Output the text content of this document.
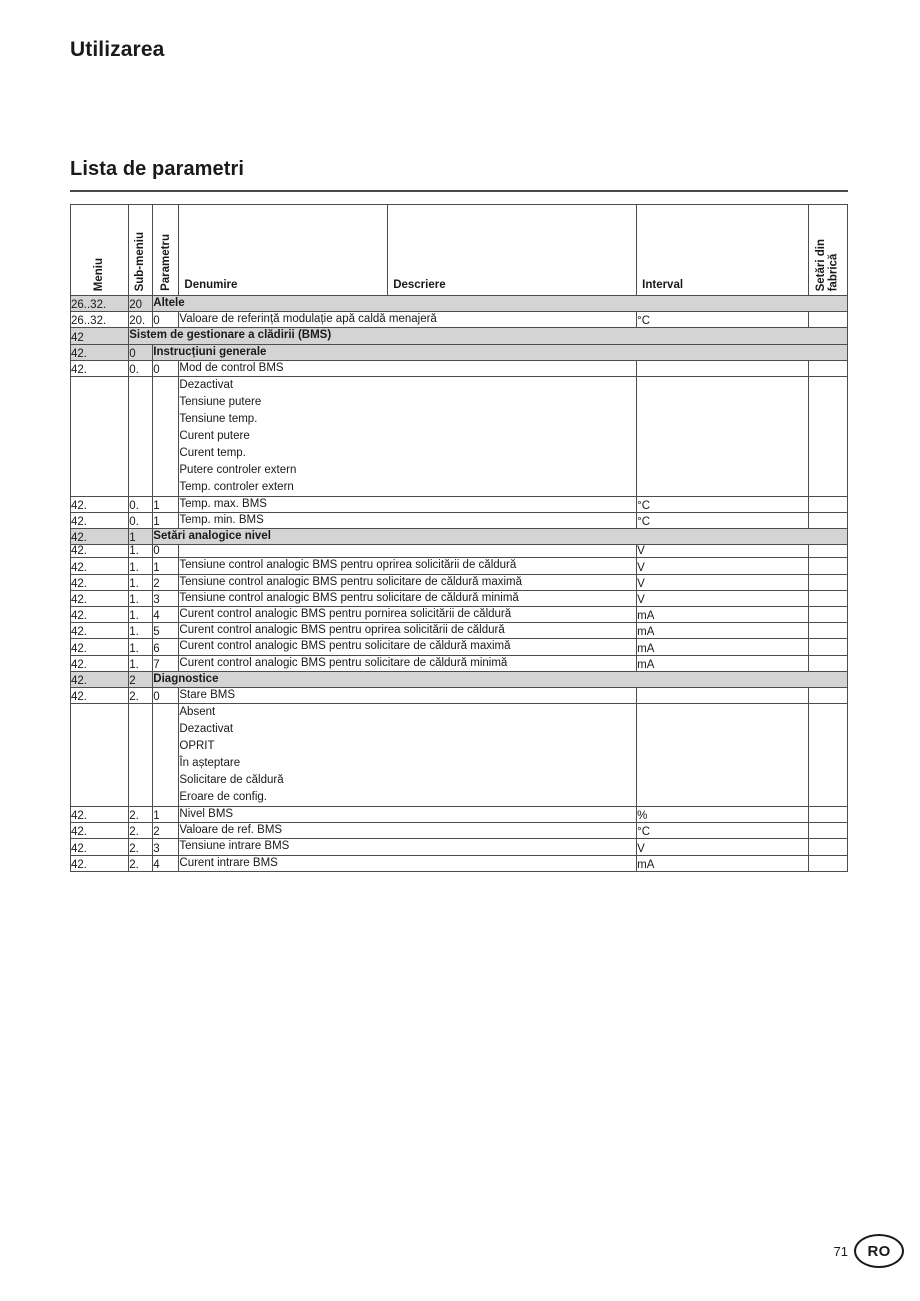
Utilizarea
Lista de parametri
Meniu	Sub-meniu	Parametru	Denumire	Descriere	Interval	Setări din
fabrică

26..32.	20	Altele				
26..32.	20.	0	Valoare de referință modulație apă caldă menajeră		°C	
42	Sistem de gestionare a clădirii (BMS)					
42.	0	Instrucțiuni generale				
42.	0.	0	Mod de control BMS			

Dezactivat
Tensiune putere
Tensiune temp.
Curent putere
Curent temp.
Putere controler extern
Temp. controler extern

42.	0.	1	Temp. max. BMS		°C	
42.	0.	1	Temp. min. BMS		°C	
42.	1	Setări analogice nivel				
42.	1.	0			V	
42.	1.	1	Tensiune control analogic BMS pentru oprirea solicitării de căldură		V	
42.	1.	2	Tensiune control analogic BMS pentru solicitare de căldură maximă		V	
42.	1.	3	Tensiune control analogic BMS pentru solicitare de căldură minimă		V	
42.	1.	4	Curent control analogic BMS pentru pornirea solicitării de căldură		mA	
42.	1.	5	Curent control analogic BMS pentru oprirea solicitării de căldură		mA	
42.	1.	6	Curent control analogic BMS pentru solicitare de căldură maximă		mA	
42.	1.	7	Curent control analogic BMS pentru solicitare de căldură minimă		mA	
42.	2	Diagnostice				
42.	2.	0	Stare BMS			

Absent
Dezactivat
OPRIT
În așteptare
Solicitare de căldură
Eroare de config.

42.	2.	1	Nivel BMS		%	
42.	2.	2	Valoare de ref. BMS		°C	
42.	2.	3	Tensiune intrare BMS		V	
42.	2.	4	Curent intrare BMS		mA	
71	RO
